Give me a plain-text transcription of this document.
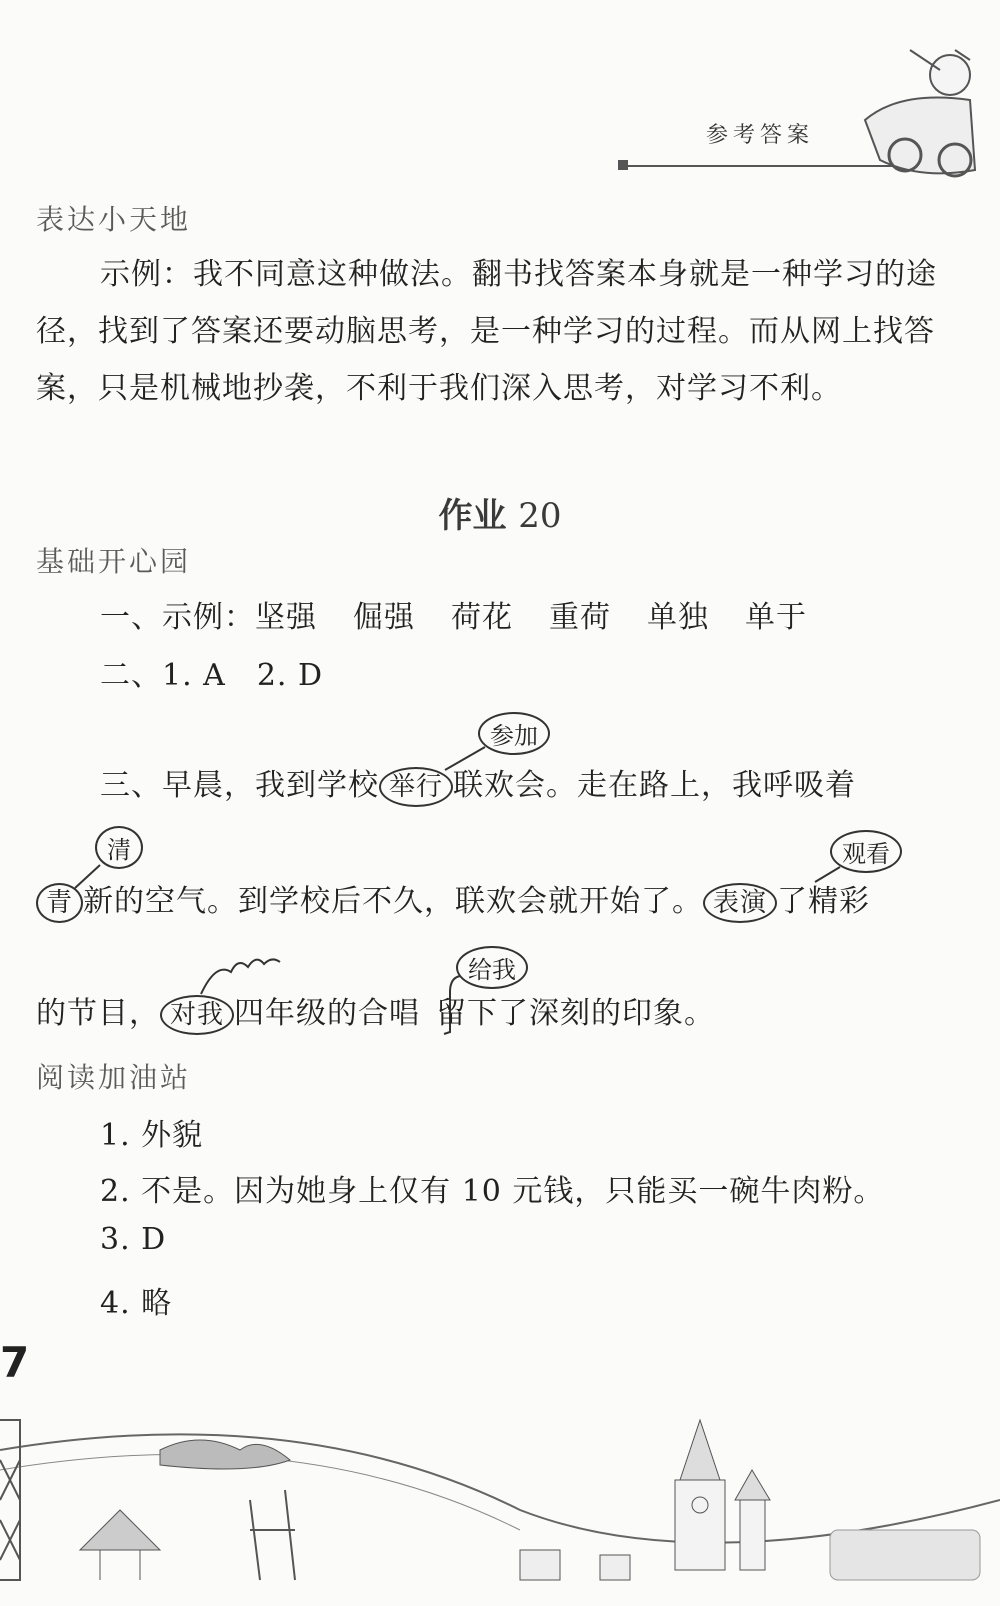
参考答案
表达小天地

示例：我不同意这种做法。翻书找答案本身就是一种学习的途径，找到了答案还要动脑思考，是一种学习的过程。而从网上找答案，只是机械地抄袭，不利于我们深入思考，对学习不利。

作业 20
基础开心园
一、示例：坚强 倔强 荷花 重荷 单独 单于
二、1. A　2. D
参加
三、早晨，我到学校 举行 联欢会。走在路上，我呼吸着
清	观看
青 新的空气。到学校后不久，联欢会就开始了。 表演 了精彩
给我
的节目， 对我 四年级的合唱 留下了深刻的印象。
阅读加油站
1. 外貌
2. 不是。因为她身上仅有 10 元钱，只能买一碗牛肉粉。
3. D
4. 略
7
